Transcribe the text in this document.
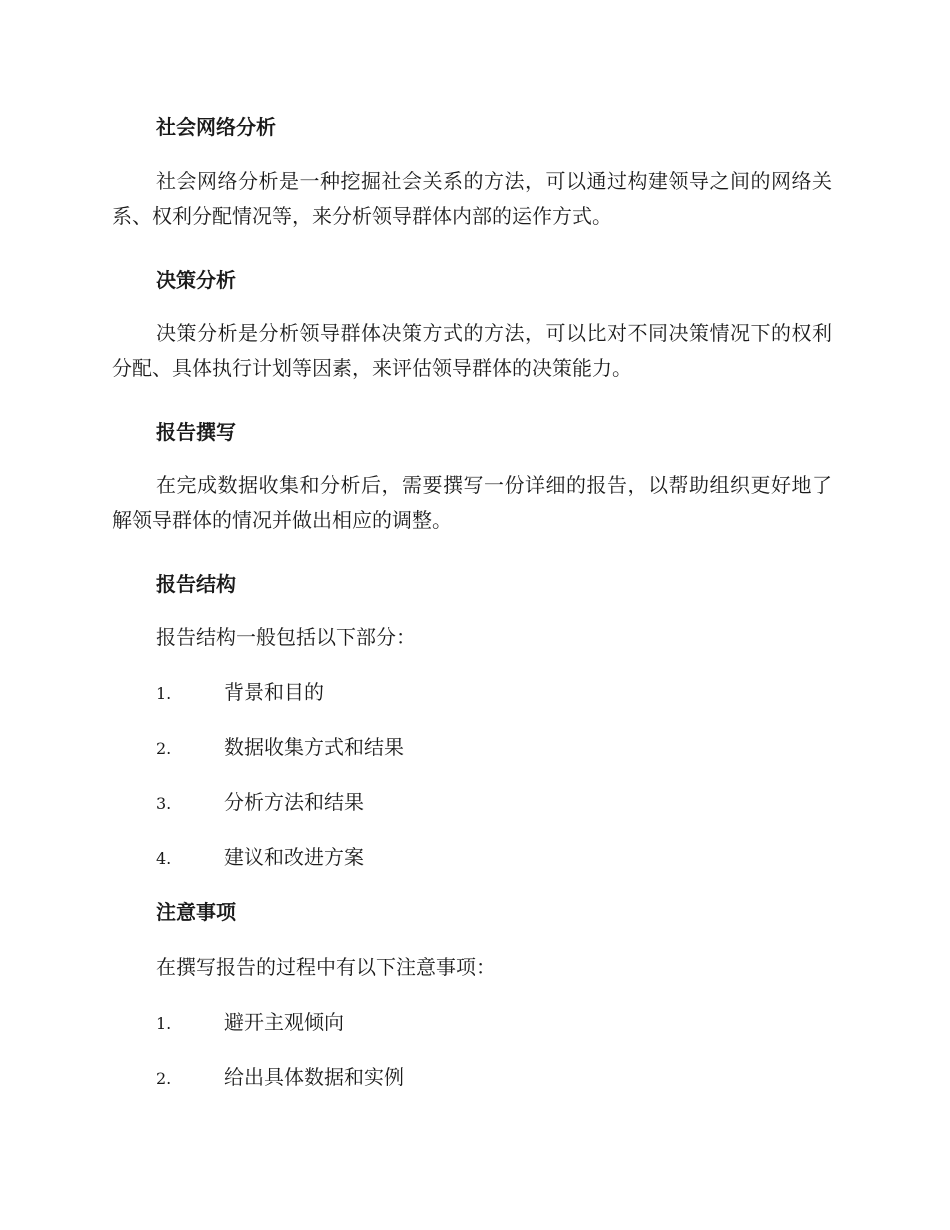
社会网络分析

社会网络分析是一种挖掘社会关系的方法，可以通过构建领导之间的网络关系、权利分配情况等，来分析领导群体内部的运作方式。

决策分析

决策分析是分析领导群体决策方式的方法，可以比对不同决策情况下的权利分配、具体执行计划等因素，来评估领导群体的决策能力。

报告撰写

在完成数据收集和分析后，需要撰写一份详细的报告，以帮助组织更好地了解领导群体的情况并做出相应的调整。

报告结构

报告结构一般包括以下部分：

1.	背景和目的
2.	数据收集方式和结果
3.	分析方法和结果
4.	建议和改进方案
注意事项

在撰写报告的过程中有以下注意事项：

1.	避开主观倾向
2.	给出具体数据和实例
